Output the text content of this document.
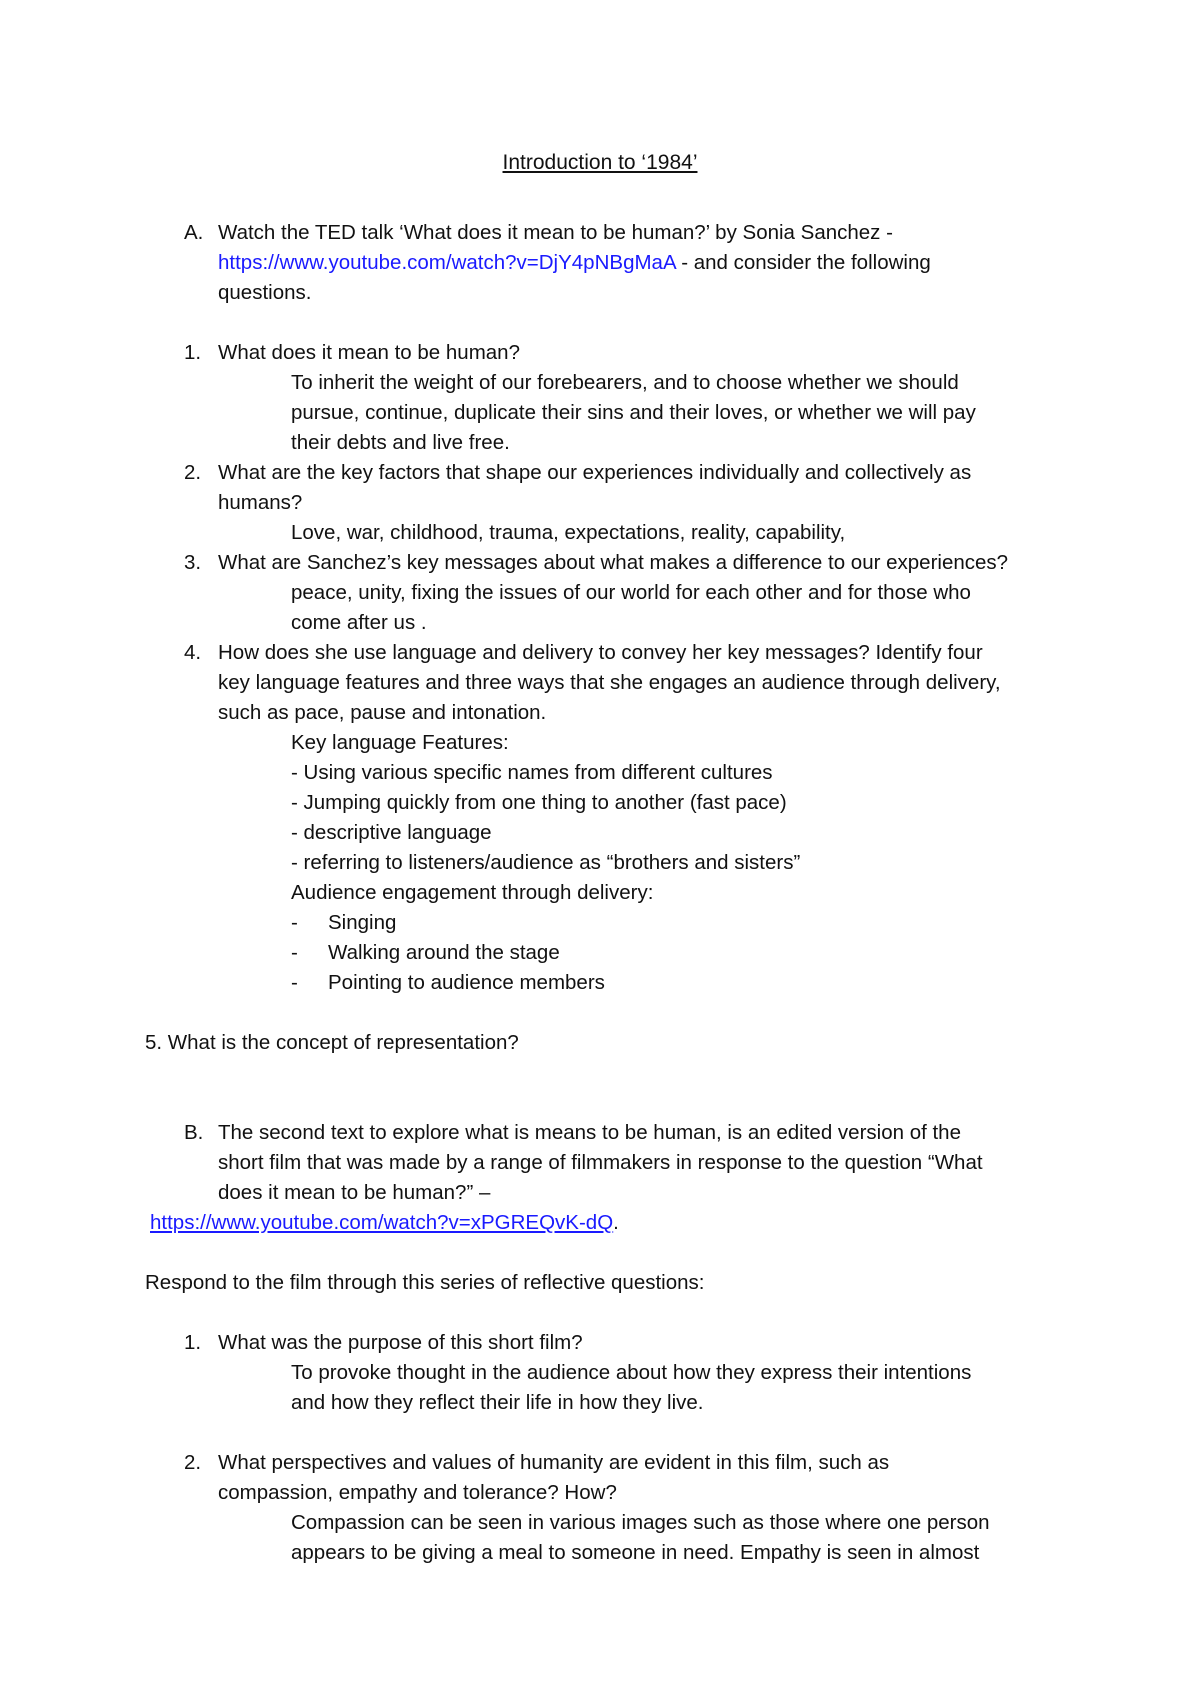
Introduction to ‘1984’
A. Watch the TED talk ‘What does it mean to be human?’ by Sonia Sanchez -
https://www.youtube.com/watch?v=DjY4pNBgMaA - and consider the following
questions.
1. What does it mean to be human?
To inherit the weight of our forebearers, and to choose whether we should
pursue, continue, duplicate their sins and their loves, or whether we will pay
their debts and live free.
2. What are the key factors that shape our experiences individually and collectively as
humans?
Love, war, childhood, trauma, expectations, reality, capability,
3. What are Sanchez’s key messages about what makes a difference to our experiences?
peace, unity, fixing the issues of our world for each other and for those who
come after us .
4. How does she use language and delivery to convey her key messages? Identify four
key language features and three ways that she engages an audience through delivery,
such as pace, pause and intonation.
Key language Features:
- Using various specific names from different cultures
- Jumping quickly from one thing to another (fast pace)
- descriptive language
- referring to listeners/audience as “brothers and sisters”
Audience engagement through delivery:
- Singing
- Walking around the stage
- Pointing to audience members
5. What is the concept of representation?
B. The second text to explore what is means to be human, is an edited version of the
short film that was made by a range of filmmakers in response to the question “What
does it mean to be human?” –
https://www.youtube.com/watch?v=xPGREQvK-dQ.
Respond to the film through this series of reflective questions:
1. What was the purpose of this short film?
To provoke thought in the audience about how they express their intentions
and how they reflect their life in how they live.
2. What perspectives and values of humanity are evident in this film, such as
compassion, empathy and tolerance? How?
Compassion can be seen in various images such as those where one person
appears to be giving a meal to someone in need. Empathy is seen in almost
